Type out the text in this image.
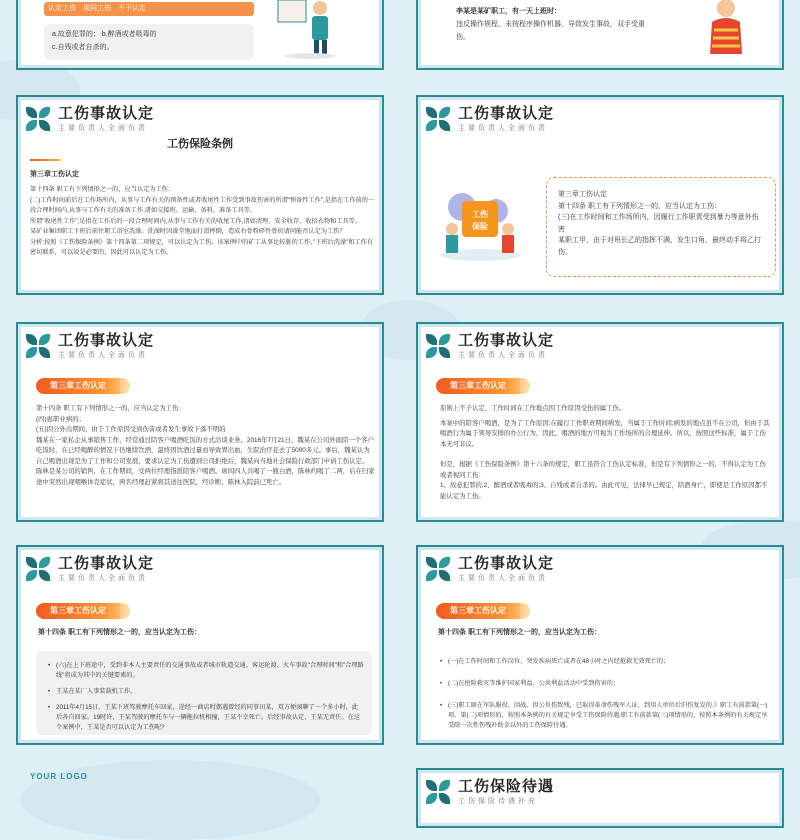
认定工伤　视同工伤　不予认定
a.故意犯罪的； b.醉酒或者吸毒的
c.自残或者自杀的。
李某是某矿职工，有一天上班时：
违反操作规程，未按程序操作机器，导致发生事故，双手受重
伤。
工伤事故认定
主要负责人全面负责
工伤保险条例
第三章工伤认定

第十四条 职工有下列情形之一的，应当认定为工伤：

(二)工作时间前后在工作场所内，从事与工作有关的预备性或者收尾性工作受到事故伤害的所谓“预备性工作”,是指在工作前的一段合理时间内,从事与工作有关的准备工作,诸如交接班、运输、备料、准备工具等。

所谓”收尾性工作”,是指在工作后的一段合理时间内,从事与工作有关的收尾工作,诸如清理、安全收存、收拾衣物和工具等。

某矿业集团职工下班后前往职工浴室洗澡。洗澡时因澡堂地面打滑摔倒，造成右骨粉碎性骨折请问能否认定为工伤？

分析:按照《工伤保险条例》第十四条第二项规定，可以认定为工伤。该案例中的矿工从事比较脏的工作，”下班后洗澡”和工作有密切联系，可以说是必要的，因此可以认定为工伤。

工伤事故认定
主要负责人全面负责
工伤
保险

第三章工伤认定

第十四条 职工有下列情形之一的，应当认定为工伤：

(三)在工作时间和工作场所内，因履行工作职责受到暴力等意外伤害

某职工甲，由于对班长乙的指挥不满，发生口角，最终动手将乙打伤。

工伤事故认定
主要负责人全面负责
第三章工伤认定

第十四条 职工有下列情形之一的，应当认定为工伤：

(四)患职业病的；

(五)因公外出期间，由于工作原因受到伤害或者发生事故下落不明的

魏某在一家私企从事销售工作，经常通过陪客户喝酒吃饭的方式洽谈业务。2016年7月21日，魏某在公司外面陪一个客户吃饭时，在已经喝醉的情况下仍继续饮酒，最终因饮酒过量而导致胃出血，生院治疗花去了5000多元。事后，魏某认为自己喝酒出现是为了工作和公司发展，要求认定为工伤遭到公司拒绝后，魏某向当地社会保险行政部门申请工伤认定。

陈林是某公司的销售，在工作期间，受两位经理指派陪客户喝酒。席间四人共喝了一瓶白酒，陈林约喝了二两，后在归家途中突然出现咽喉休克症状，两名经理赶紧将其送往医院，经诊断，陈林入院前已死亡。

工伤事故认定
主要负责人全面负责
第三章工伤认定

原则上不予认定，工作时间在工作地点因工作原因受伤的属工伤。

本案中的陪客户喝酒，是为了工作原因;在履行工作职责期间病发，当属于工作时间;病发的地点虽不在公司，但由于其喝酒行为属于领导安排的办公行为，因此，喝酒的地方可视为工作场所的合理延伸。所以，按照这些标准，属于工伤本无可非议。

但是，根据《工伤保险条例》第十六条的规定，职工虽符合工伤认定标准，但是有下列情形之一的，不得认定为工伤或者视同工伤：

1、故意犯罪的;2、醉酒或者吸毒的;3、自残或者自杀的。由此可见，法律早已规定，陪酒身亡，即使是工作原因都不能认定为工伤。

工伤事故认定
主要负责人全面负责
第三章工伤认定
第十四条 职工有下列情形之一的，应当认定为工伤：
• (六)在上下班途中，受到非本人主要责任的交通事故或者城市轨道交通、客运轮渡、火车事故"合理时间"和"合理路线"将成为其中的关键要素的。
• 王某在某厂人事装载机工作。
• 2011年4月15日，王某下班驾驶摩托车回家，途经一商店时偶遇曾经的同事田某，双方便闲聊了一个多小时，此后各自回家。19时许，王某驾驶的摩托车与一辆拖拉机相撞，王某不幸死亡。后经事故认定，王某无责任。在这个案例中，王某是否可以认定为工伤呢?
工伤事故认定
主要负责人全面负责
第三章工伤认定
第十四条 职工有下列情形之一的，应当认定为工伤：
• (一)在工作时间和工作岗位，突发疾病死亡或者在48小时之内经抢救无效死亡的；
• (二)在抢险救灾等维护国家利益、公共利益活动中受到伤害的；
• (三)职工原在军队服役，因战、因公负伤致残，已取得革命伤残军人证，到用人单位后旧伤复发的.》职工有前款第(一)项、第(二)项情形的，按照本条例的有关规定享受工伤保险待遇;职工有前款第(三)项情形的，按照本条例的有关规定享受除一次性伤残补助金以外的工伤保险待遇。
YOUR LOGO
工伤保险待遇
工伤保险待遇补充
